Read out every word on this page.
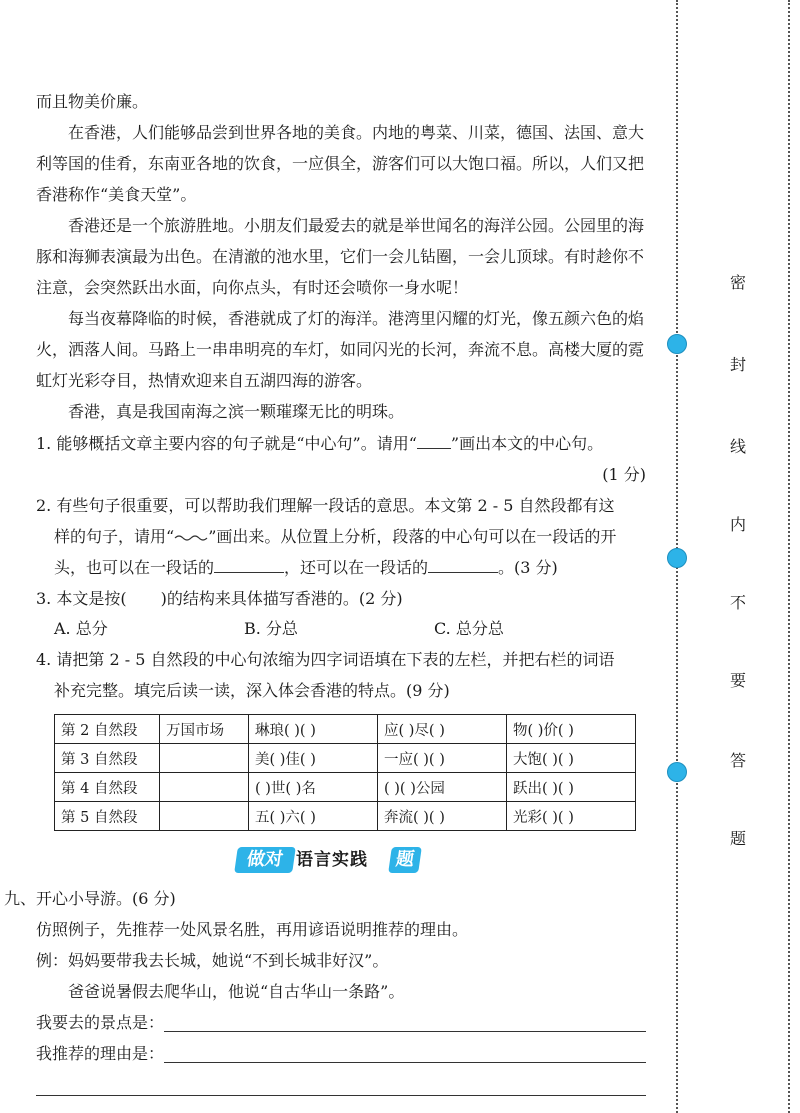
而且物美价廉。

在香港，人们能够品尝到世界各地的美食。内地的粤菜、川菜，德国、法国、意大利等国的佳肴，东南亚各地的饮食，一应俱全，游客们可以大饱口福。所以，人们又把香港称作“美食天堂”。

香港还是一个旅游胜地。小朋友们最爱去的就是举世闻名的海洋公园。公园里的海豚和海狮表演最为出色。在清澈的池水里，它们一会儿钻圈，一会儿顶球。有时趁你不注意，会突然跃出水面，向你点头，有时还会喷你一身水呢！

每当夜幕降临的时候，香港就成了灯的海洋。港湾里闪耀的灯光，像五颜六色的焰火，洒落人间。马路上一串串明亮的车灯，如同闪光的长河，奔流不息。高楼大厦的霓虹灯光彩夺目，热情欢迎来自五湖四海的游客。

香港，真是我国南海之滨一颗璀璨无比的明珠。

1. 能够概括文章主要内容的句子就是“中心句”。请用“ ”画出本文的中心句。

(1 分)

2. 有些句子很重要，可以帮助我们理解一段话的意思。本文第 2 - 5 自然段都有这

样的句子，请用“ ”画出来。从位置上分析，段落的中心句可以在一段话的开

头，也可以在一段话的	，还可以在一段话的	。(3 分)

3. 本文是按( )的结构来具体描写香港的。(2 分)

A. 总分	B. 分总	C. 总分总

4. 请把第 2 - 5 自然段的中心句浓缩为四字词语填在下表的左栏，并把右栏的词语

补充完整。填完后读一读，深入体会香港的特点。(9 分)

第 2 自然段	万国市场	琳琅( )( )	应( )尽( )	物( )价( )
第 3 自然段		美( )佳( )	一应( )( )	大饱( )( )
第 4 自然段		( )世( )名	( )( )公园	跃出( )( )
第 5 自然段		五( )六( )	奔流( )( )	光彩( )( )
做对 语言实践	题

九、开心小导游。(6 分)

仿照例子，先推荐一处风景名胜，再用谚语说明推荐的理由。

例：妈妈要带我去长城，她说“不到长城非好汉”。

爸爸说暑假去爬华山，他说“自古华山一条路”。

我要去的景点是：

我推荐的理由是：

密
封
线
内
不
要
答
题
